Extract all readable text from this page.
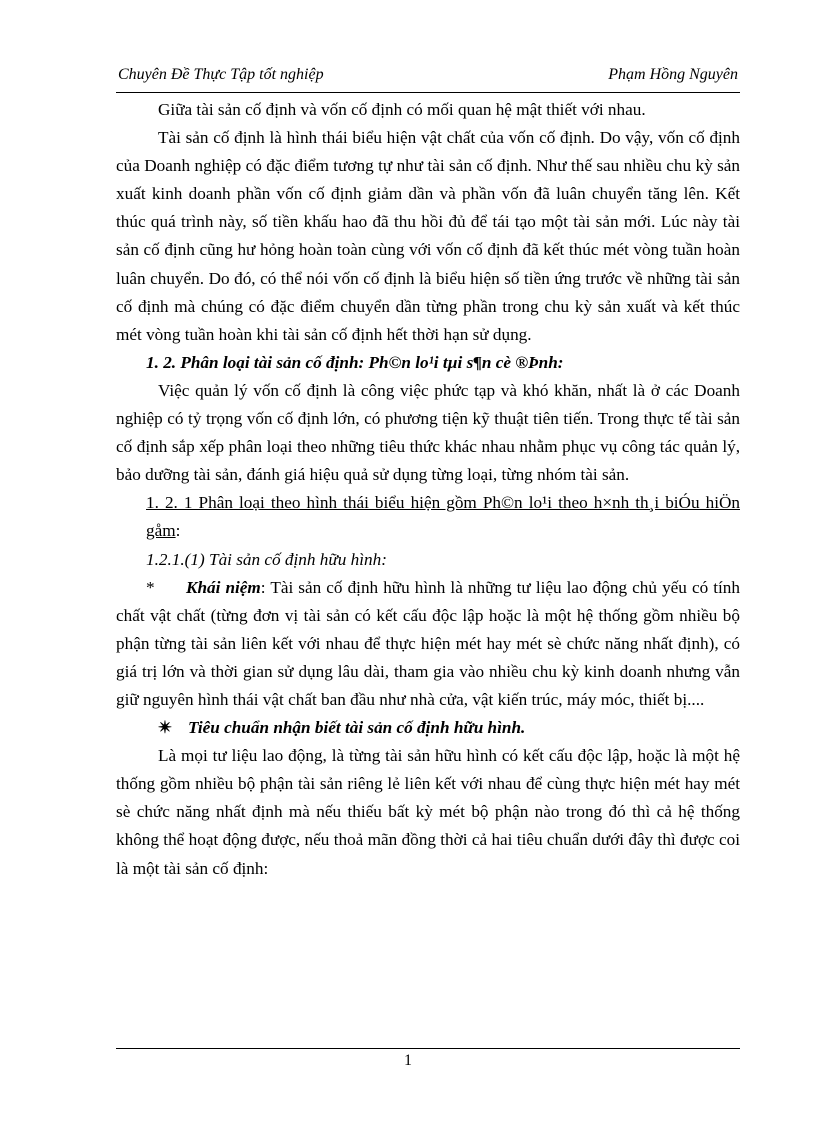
Chuyên Đề Thực Tập tốt nghiệp	Phạm Hồng Nguyên

Giữa tài sản cố định và vốn cố định có mối quan hệ mật thiết với nhau.

Tài sản cố định là hình thái biểu hiện vật chất của vốn cố định. Do vậy, vốn cố định của Doanh nghiệp có đặc điểm tương tự như tài sản cố định. Như thế sau nhiều chu kỳ sản xuất kinh doanh phần vốn cố định giảm dần và phần vốn đã luân chuyển tăng lên. Kết thúc quá trình này, số tiền khấu hao đã thu hồi đủ để tái tạo một tài sản mới. Lúc này tài sản cố định cũng hư hỏng hoàn toàn cùng với vốn cố định đã kết thúc mét vòng tuần hoàn luân chuyển. Do đó, có thể nói vốn cố định là biểu hiện số tiền ứng trước về những tài sản cố định mà chúng có đặc điểm chuyển dần từng phần trong chu kỳ sản xuất và kết thúc mét vòng tuần hoàn khi tài sản cố định hết thời hạn sử dụng.

1. 2. Phân loại tài sản cố định: Ph©n lo¹i tµi s¶n cè ®Þnh:

Việc quản lý vốn cố định là công việc phức tạp và khó khăn, nhất là ở các Doanh nghiệp có tỷ trọng vốn cố định lớn, có phương tiện kỹ thuật tiên tiến. Trong thực tế tài sản cố định sắp xếp phân loại theo những tiêu thức khác nhau nhằm phục vụ công tác quản lý, bảo dưỡng tài sản, đánh giá hiệu quả sử dụng từng loại, từng nhóm tài sản.

1. 2. 1 Phân loại theo hình thái biểu hiện gồm Ph©n lo¹i theo h×nh th¸i biÓu hiÖn gåm:

1.2.1.(1) Tài sản cố định hữu hình:

* Khái niệm: Tài sản cố định hữu hình là những tư liệu lao động chủ yếu có tính chất vật chất (từng đơn vị tài sản có kết cấu độc lập hoặc là một hệ thống gồm nhiều bộ phận từng tài sản liên kết với nhau để thực hiện mét hay mét sè chức năng nhất định), có giá trị lớn và thời gian sử dụng lâu dài, tham gia vào nhiều chu kỳ kinh doanh nhưng vẫn giữ nguyên hình thái vật chất ban đầu như nhà cửa, vật kiến trúc, máy móc, thiết bị....

✴ Tiêu chuẩn nhận biết tài sản cố định hữu hình.

Là mọi tư liệu lao động, là từng tài sản hữu hình có kết cấu độc lập, hoặc là một hệ thống gồm nhiều bộ phận tài sản riêng lẻ liên kết với nhau để cùng thực hiện mét hay mét sè chức năng nhất định mà nếu thiếu bất kỳ mét bộ phận nào trong đó thì cả hệ thống không thể hoạt động được, nếu thoả mãn đồng thời cả hai tiêu chuẩn dưới đây thì được coi là một tài sản cố định:

1
